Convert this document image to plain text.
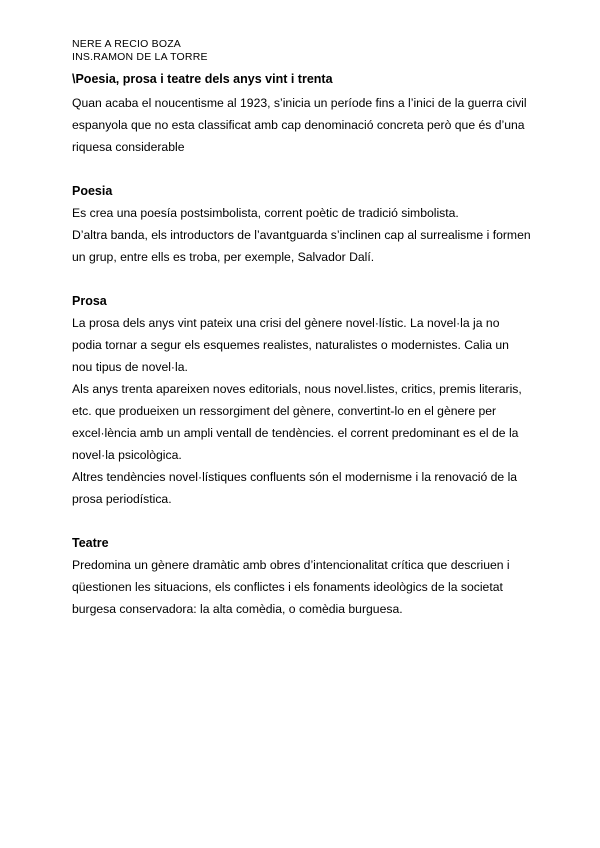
NERE A RECIO BOZA
INS.RAMON DE LA TORRE
\Poesia, prosa i teatre dels anys vint i trenta

Quan acaba el noucentisme al 1923, s’inicia un període fins a l’inici de la guerra civil espanyola que no esta classificat amb cap denominació concreta però que és d’una riquesa considerable

Poesia

Es crea una poesía postsimbolista, corrent poètic de tradició simbolista.

D’altra banda, els introductors de l’avantguarda s’inclinen cap al surrealisme i formen un grup, entre ells es troba, per exemple, Salvador Dalí.

Prosa

La prosa dels anys vint pateix una crisi del gènere novel·lístic. La novel·la ja no podia tornar a segur els esquemes realistes, naturalistes o modernistes. Calia un nou tipus de novel·la.

Als anys trenta apareixen noves editorials, nous novel.listes, critics, premis literaris, etc. que produeixen un ressorgiment del gènere, convertint-lo en el gènere per excel·lència amb un ampli ventall de tendències. el corrent predominant es el de la novel·la psicològica.

Altres tendències novel·lístiques confluents són el modernisme i la renovació de la prosa periodística.

Teatre

Predomina un gènere dramàtic amb obres d’intencionalitat crítica que descriuen i qüestionen les situacions, els conflictes i els fonaments ideològics de la societat burgesa conservadora: la alta comèdia, o comèdia burguesa.
